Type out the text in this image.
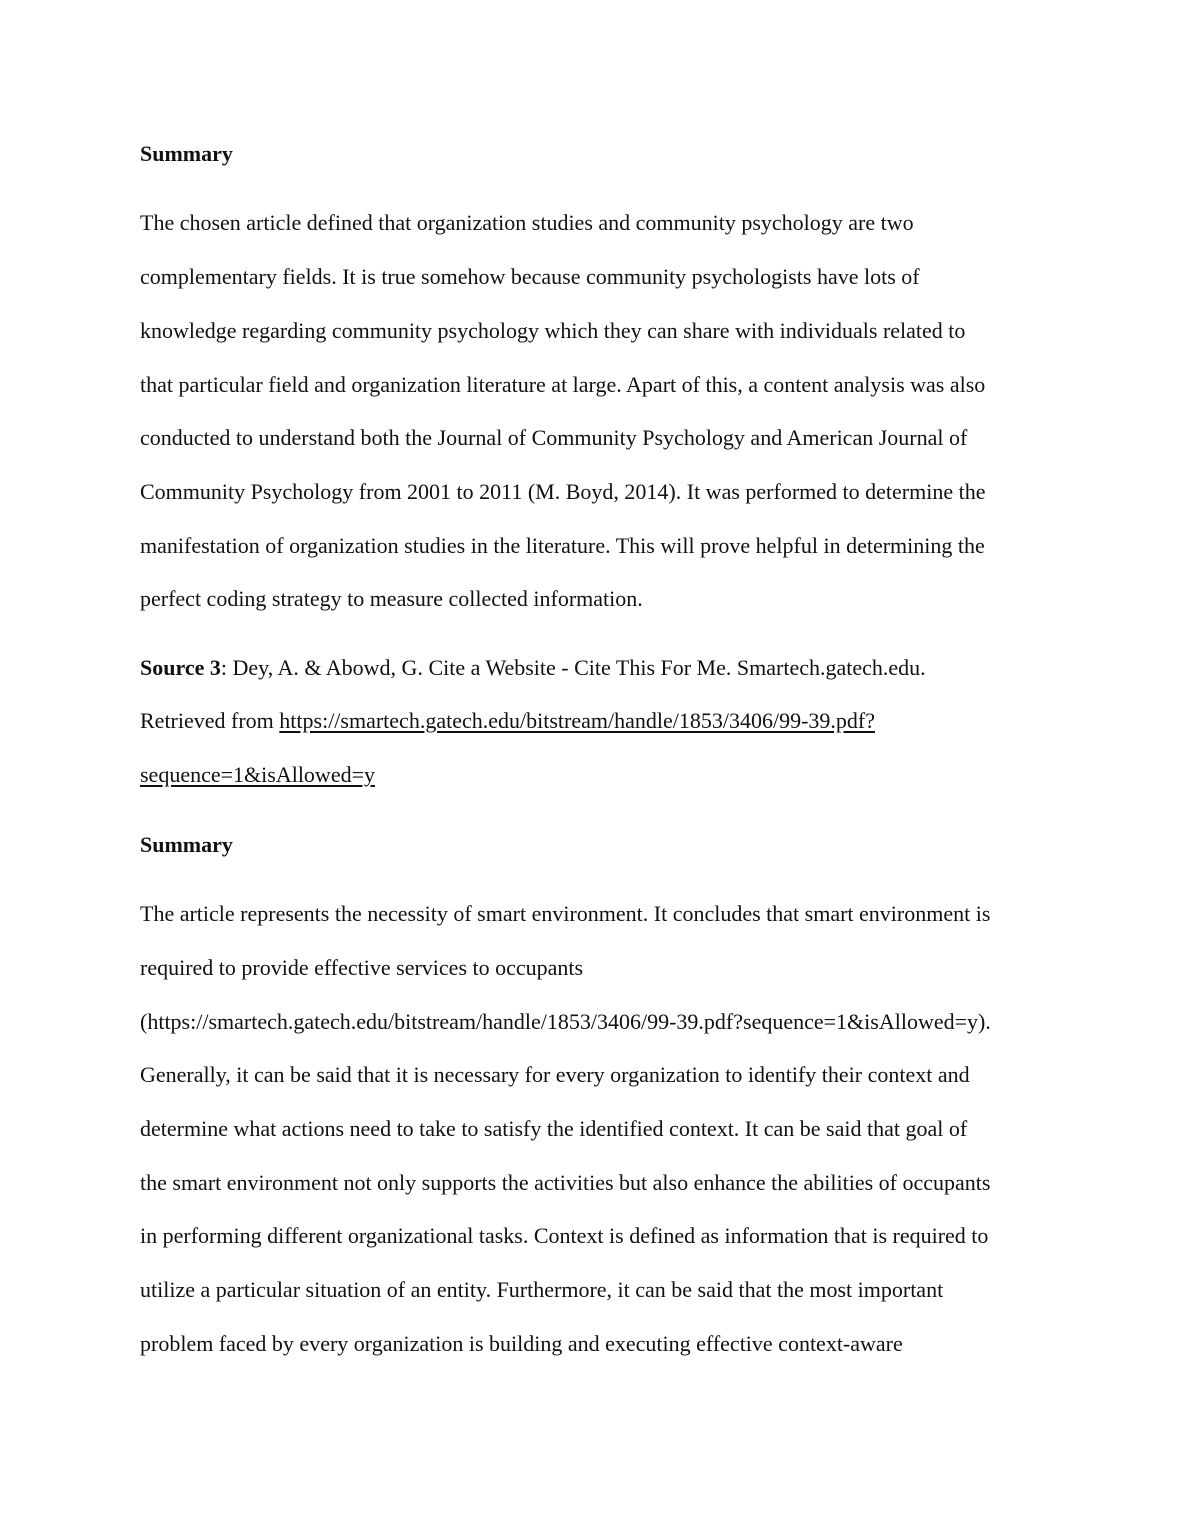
Summary
The chosen article defined that organization studies and community psychology are two
complementary fields. It is true somehow because community psychologists have lots of
knowledge regarding community psychology which they can share with individuals related to
that particular field and organization literature at large. Apart of this, a content analysis was also
conducted to understand both the Journal of Community Psychology and American Journal of
Community Psychology from 2001 to 2011 (M. Boyd, 2014). It was performed to determine the
manifestation of organization studies in the literature. This will prove helpful in determining the
perfect coding strategy to measure collected information.
Source 3: Dey, A. & Abowd, G. Cite a Website - Cite This For Me. Smartech.gatech.edu.
Retrieved from https://smartech.gatech.edu/bitstream/handle/1853/3406/99-39.pdf?
sequence=1&isAllowed=y
Summary
The article represents the necessity of smart environment. It concludes that smart environment is
required to provide effective services to occupants
(https://smartech.gatech.edu/bitstream/handle/1853/3406/99-39.pdf?sequence=1&isAllowed=y).
Generally, it can be said that it is necessary for every organization to identify their context and
determine what actions need to take to satisfy the identified context. It can be said that goal of
the smart environment not only supports the activities but also enhance the abilities of occupants
in performing different organizational tasks. Context is defined as information that is required to
utilize a particular situation of an entity. Furthermore, it can be said that the most important
problem faced by every organization is building and executing effective context-aware
